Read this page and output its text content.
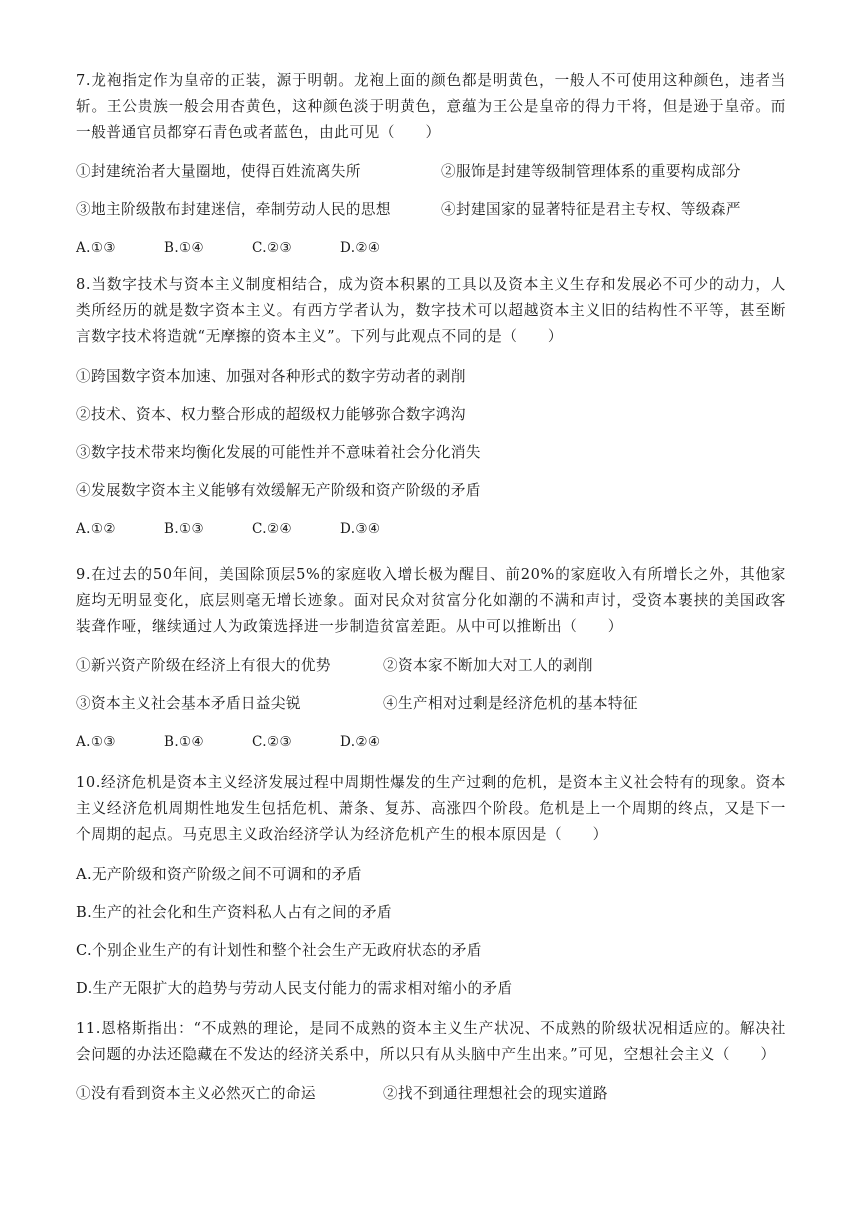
7.龙袍指定作为皇帝的正装，源于明朝。龙袍上面的颜色都是明黄色，一般人不可使用这种颜色，违者当斩。王公贵族一般会用杏黄色，这种颜色淡于明黄色，意蕴为王公是皇帝的得力干将，但是逊于皇帝。而一般普通官员都穿石青色或者蓝色，由此可见（　　）

①封建统治者大量圈地，使得百姓流离失所	②服饰是封建等级制管理体系的重要构成部分
③地主阶级散布封建迷信，牵制劳动人民的思想	④封建国家的显著特征是君主专权、等级森严
A.①③	B.①④	C.②③	D.②④

8.当数字技术与资本主义制度相结合，成为资本积累的工具以及资本主义生存和发展必不可少的动力，人类所经历的就是数字资本主义。有西方学者认为，数字技术可以超越资本主义旧的结构性不平等，甚至断言数字技术将造就“无摩擦的资本主义”。下列与此观点不同的是（　　）

①跨国数字资本加速、加强对各种形式的数字劳动者的剥削
②技术、资本、权力整合形成的超级权力能够弥合数字鸿沟
③数字技术带来均衡化发展的可能性并不意味着社会分化消失
④发展数字资本主义能够有效缓解无产阶级和资产阶级的矛盾
A.①②	B.①③	C.②④	D.③④

9.在过去的50年间，美国除顶层5%的家庭收入增长极为醒目、前20%的家庭收入有所增长之外，其他家庭均无明显变化，底层则毫无增长迹象。面对民众对贫富分化如潮的不满和声讨，受资本裹挟的美国政客装聋作哑，继续通过人为政策选择进一步制造贫富差距。从中可以推断出（　　）

①新兴资产阶级在经济上有很大的优势	②资本家不断加大对工人的剥削
③资本主义社会基本矛盾日益尖锐	④生产相对过剩是经济危机的基本特征
A.①③	B.①④	C.②③	D.②④

10.经济危机是资本主义经济发展过程中周期性爆发的生产过剩的危机，是资本主义社会特有的现象。资本主义经济危机周期性地发生包括危机、萧条、复苏、高涨四个阶段。危机是上一个周期的终点，又是下一个周期的起点。马克思主义政治经济学认为经济危机产生的根本原因是（　　）

A.无产阶级和资产阶级之间不可调和的矛盾
B.生产的社会化和生产资料私人占有之间的矛盾
C.个别企业生产的有计划性和整个社会生产无政府状态的矛盾
D.生产无限扩大的趋势与劳动人民支付能力的需求相对缩小的矛盾

11.恩格斯指出：“不成熟的理论，是同不成熟的资本主义生产状况、不成熟的阶级状况相适应的。解决社会问题的办法还隐藏在不发达的经济关系中，所以只有从头脑中产生出来。”可见，空想社会主义（　　）

①没有看到资本主义必然灭亡的命运	②找不到通往理想社会的现实道路
